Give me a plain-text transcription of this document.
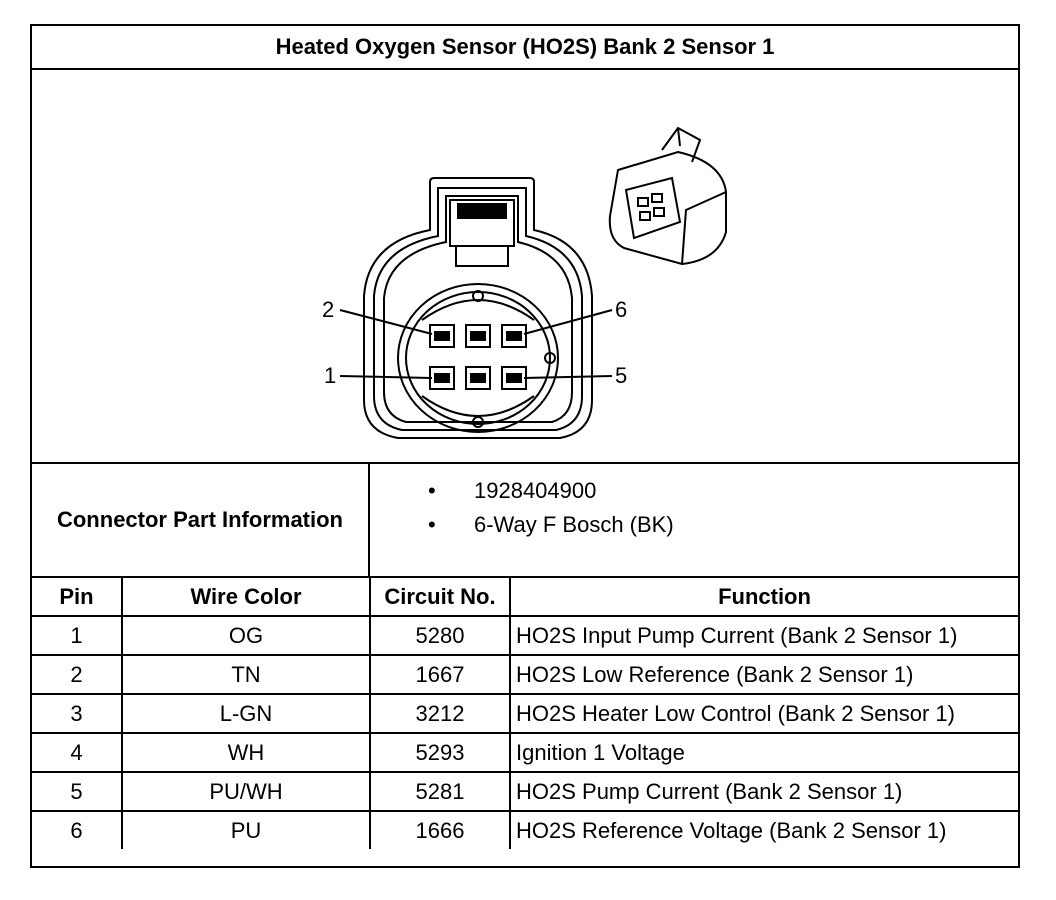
Heated Oxygen Sensor (HO2S) Bank 2 Sensor 1
2
1
6
5
Connector Part Information
• 1928404900
• 6-Way F Bosch (BK)
Pin	Wire Color	Circuit No.	Function
1	OG	5280	HO2S Input Pump Current (Bank 2 Sensor 1)
2	TN	1667	HO2S Low Reference (Bank 2 Sensor 1)
3	L-GN	3212	HO2S Heater Low Control (Bank 2 Sensor 1)
4	WH	5293	Ignition 1 Voltage
5	PU/WH	5281	HO2S Pump Current (Bank 2 Sensor 1)
6	PU	1666	HO2S Reference Voltage (Bank 2 Sensor 1)
